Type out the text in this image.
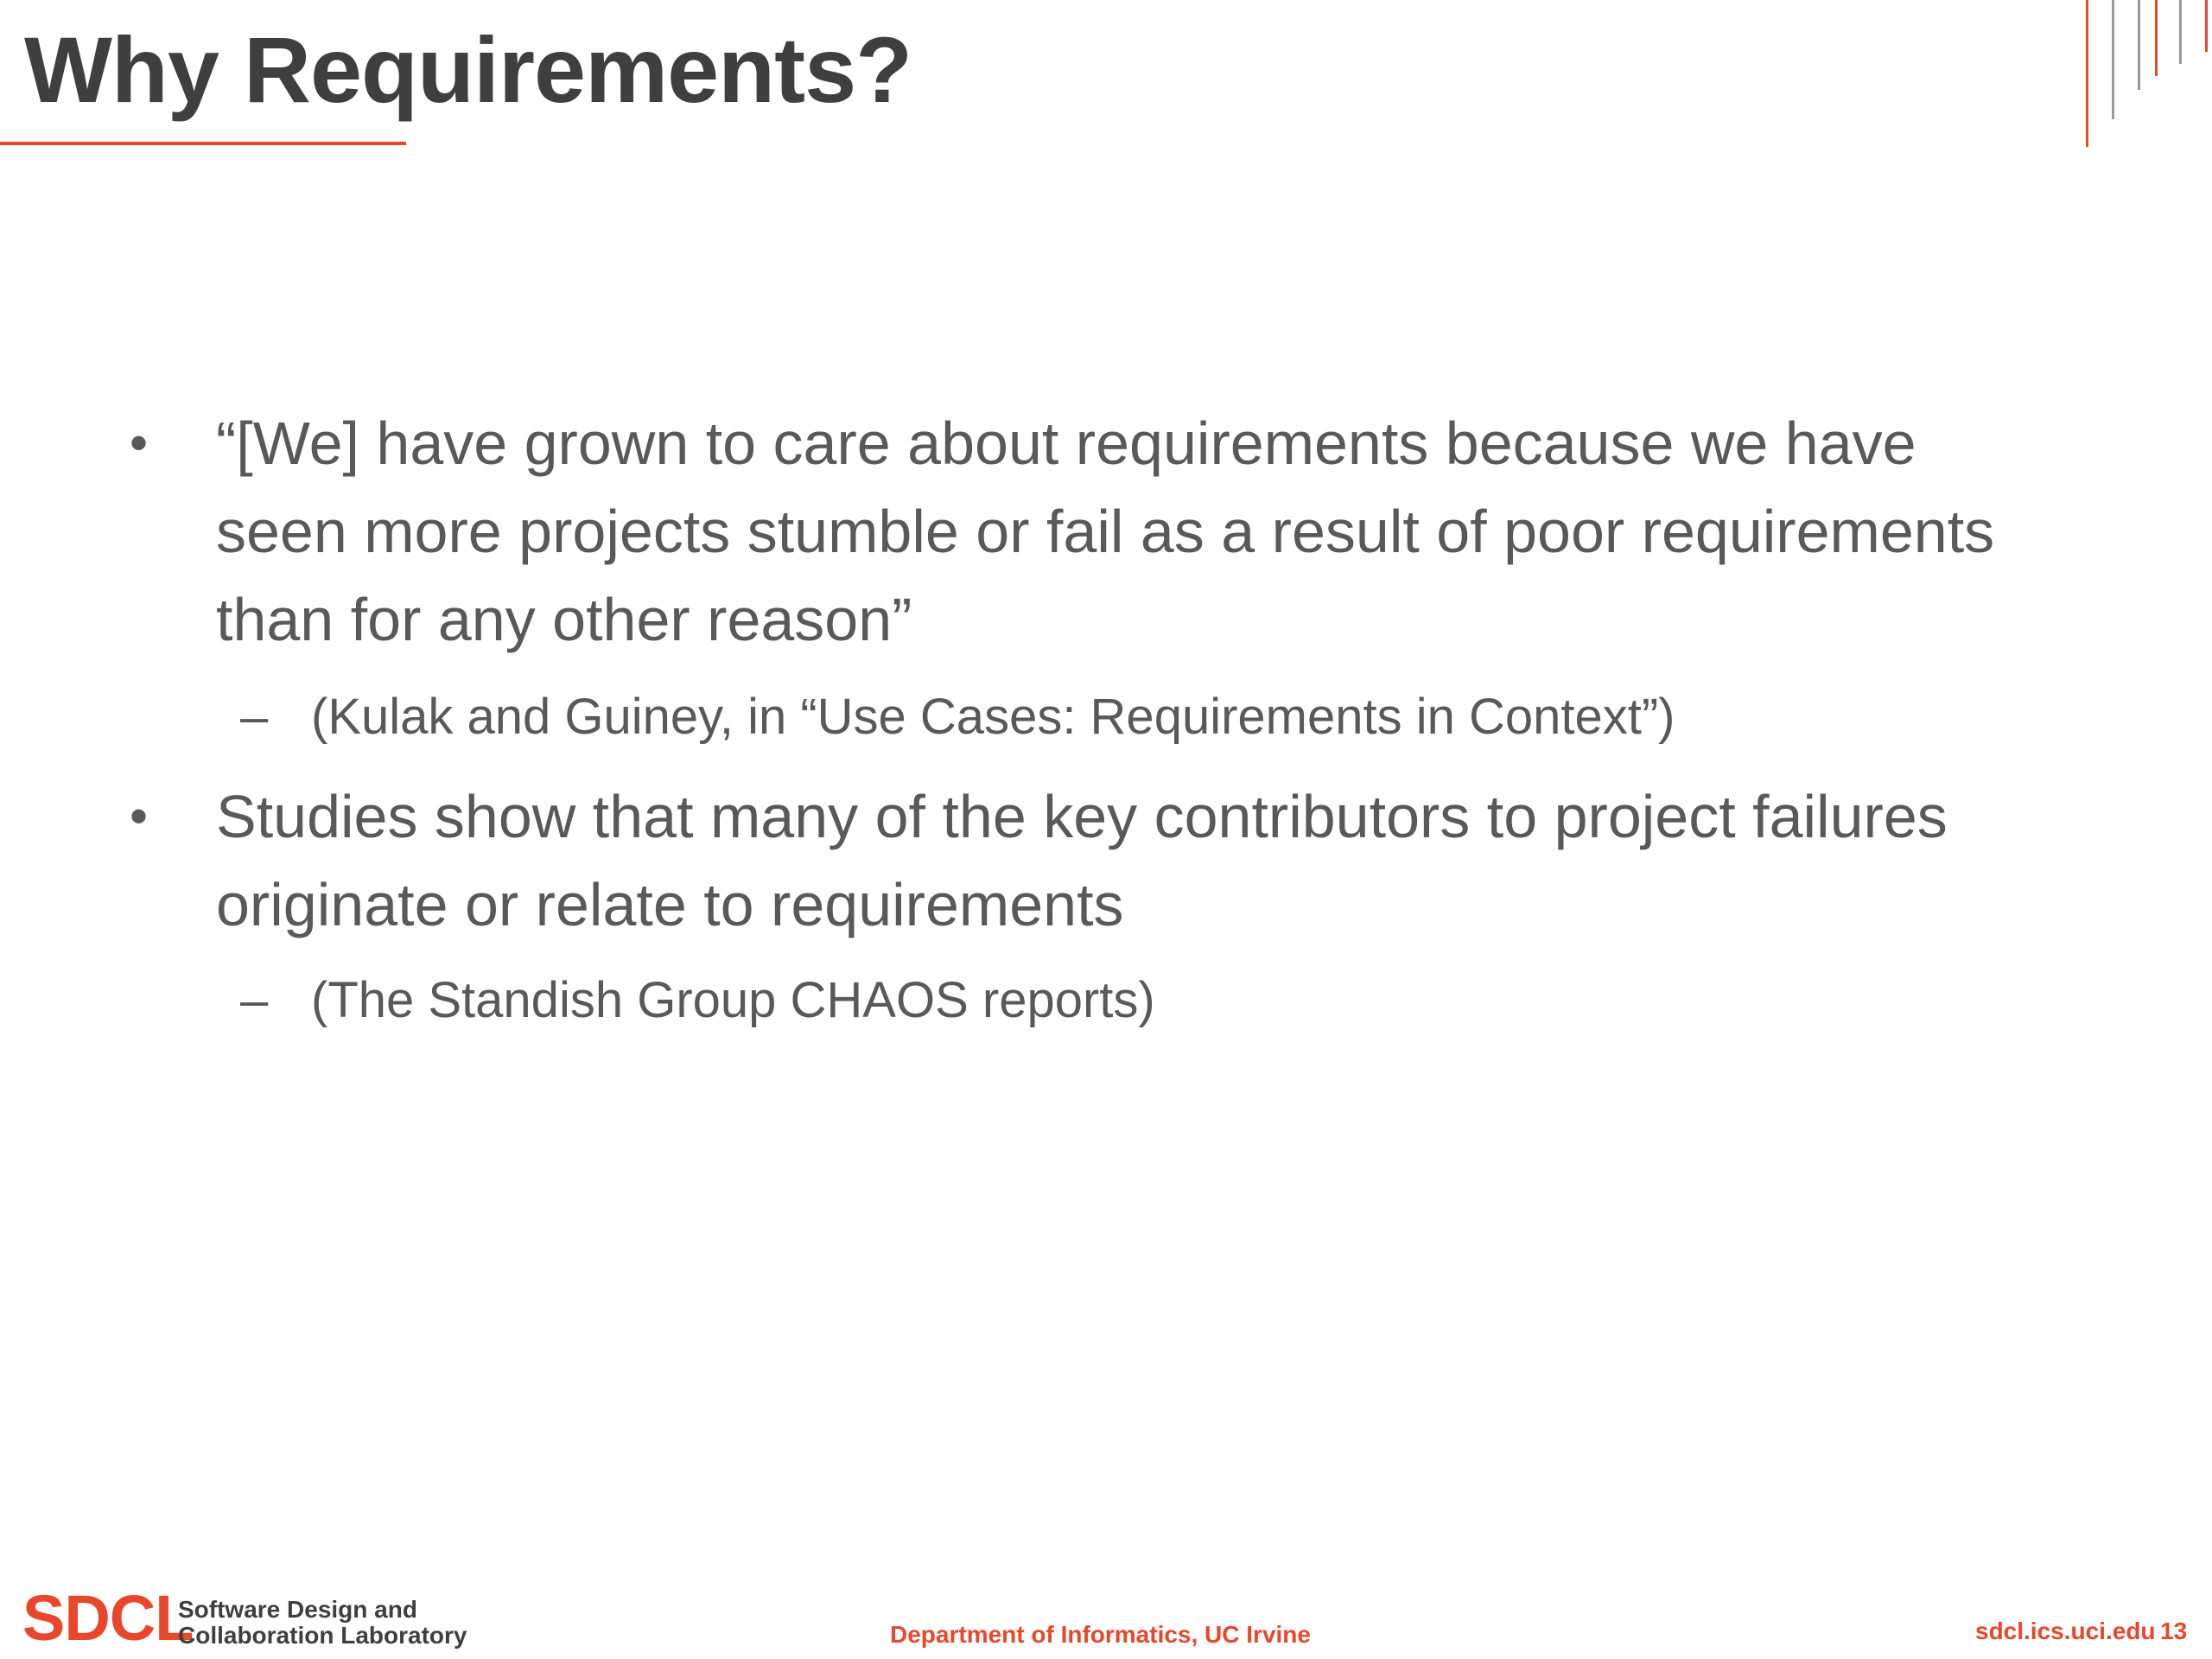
Why Requirements?
• “[We] have grown to care about requirements because we have seen more projects stumble or fail as a result of poor requirements than for any other reason”
– (Kulak and Guiney, in “Use Cases: Requirements in Context”)
• Studies show that many of the key contributors to project failures originate or relate to requirements
– (The Standish Group CHAOS reports)
SDCL
Software Design and
Collaboration Laboratory	Department of Informatics, UC Irvine	sdcl.ics.uci.edu 13
